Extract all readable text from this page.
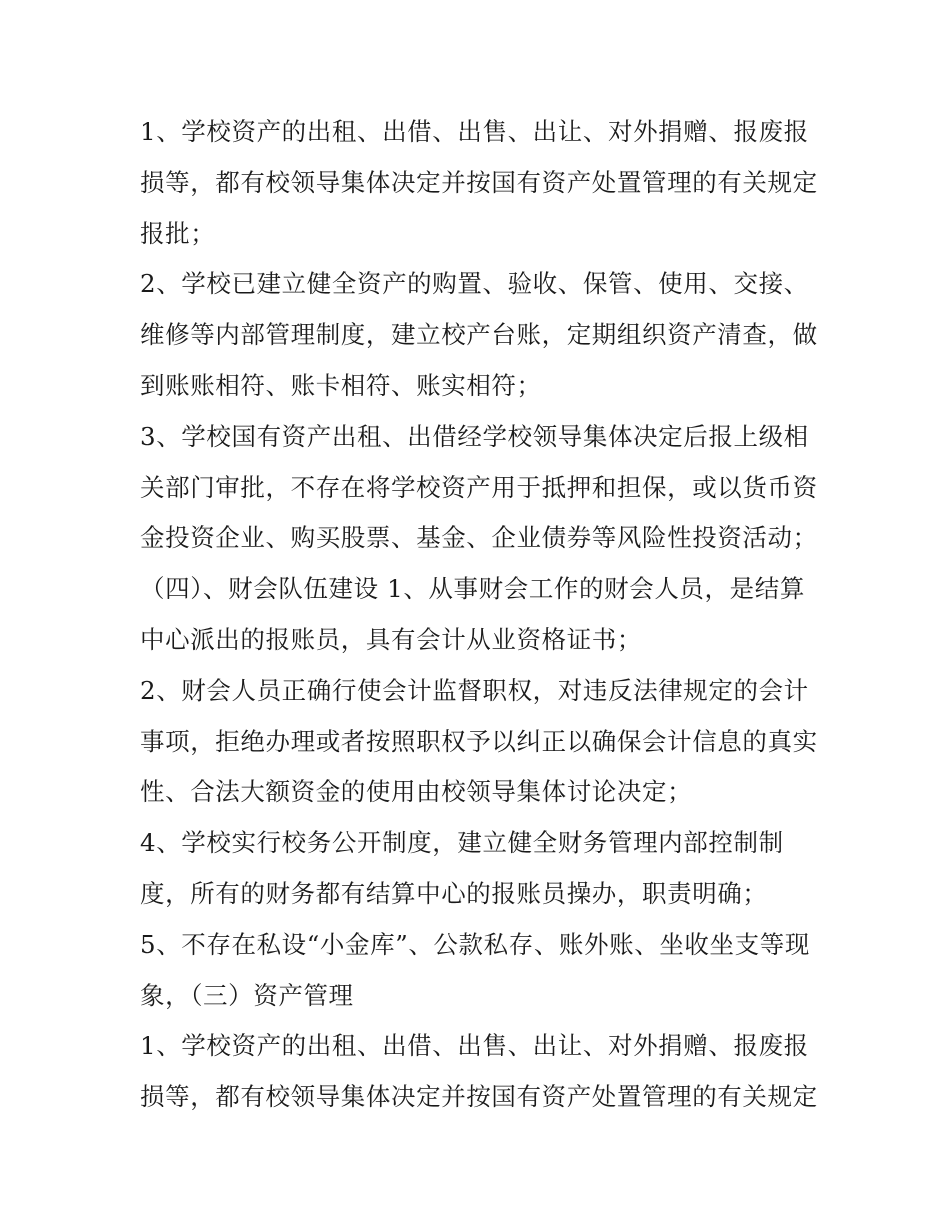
1、学校资产的出租、出借、出售、出让、对外捐赠、报废报
损等，都有校领导集体决定并按国有资产处置管理的有关规定
报批；
2、学校已建立健全资产的购置、验收、保管、使用、交接、
维修等内部管理制度，建立校产台账，定期组织资产清查，做
到账账相符、账卡相符、账实相符；
3、学校国有资产出租、出借经学校领导集体决定后报上级相
关部门审批，不存在将学校资产用于抵押和担保，或以货币资
金投资企业、购买股票、基金、企业债券等风险性投资活动；
（四）、财会队伍建设 1、从事财会工作的财会人员，是结算
中心派出的报账员，具有会计从业资格证书；
2、财会人员正确行使会计监督职权，对违反法律规定的会计
事项，拒绝办理或者按照职权予以纠正以确保会计信息的真实
性、合法大额资金的使用由校领导集体讨论决定；
4、学校实行校务公开制度，建立健全财务管理内部控制制
度，所有的财务都有结算中心的报账员操办，职责明确；
5、不存在私设“小金库”、公款私存、账外账、坐收坐支等现
象，（三）资产管理
1、学校资产的出租、出借、出售、出让、对外捐赠、报废报
损等，都有校领导集体决定并按国有资产处置管理的有关规定
